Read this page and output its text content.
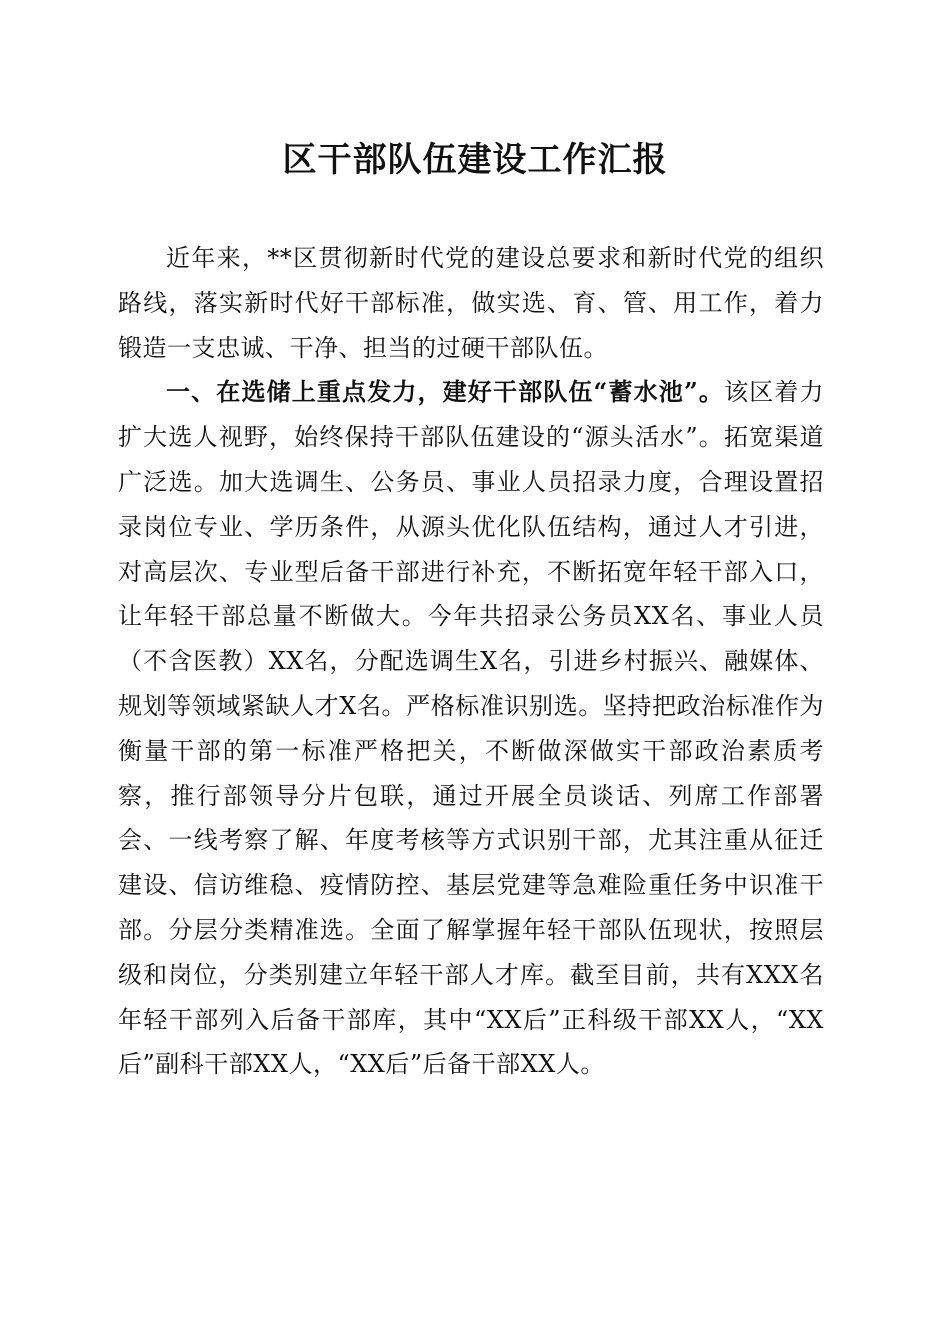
区干部队伍建设工作汇报

近年来，**区贯彻新时代党的建设总要求和新时代党的组织路线，落实新时代好干部标准，做实选、育、管、用工作，着力锻造一支忠诚、干净、担当的过硬干部队伍。

一、在选储上重点发力，建好干部队伍“蓄水池”。该区着力扩大选人视野，始终保持干部队伍建设的“源头活水”。拓宽渠道广泛选。加大选调生、公务员、事业人员招录力度，合理设置招录岗位专业、学历条件，从源头优化队伍结构，通过人才引进，对高层次、专业型后备干部进行补充，不断拓宽年轻干部入口，让年轻干部总量不断做大。今年共招录公务员XX名、事业人员（不含医教）XX名，分配选调生X名，引进乡村振兴、融媒体、规划等领域紧缺人才X名。严格标准识别选。坚持把政治标准作为衡量干部的第一标准严格把关，不断做深做实干部政治素质考察，推行部领导分片包联，通过开展全员谈话、列席工作部署会、一线考察了解、年度考核等方式识别干部，尤其注重从征迁建设、信访维稳、疫情防控、基层党建等急难险重任务中识准干部。分层分类精准选。全面了解掌握年轻干部队伍现状，按照层级和岗位，分类别建立年轻干部人才库。截至目前，共有XXX名年轻干部列入后备干部库，其中“XX后”正科级干部XX人，“XX后”副科干部XX人，“XX后”后备干部XX人。
